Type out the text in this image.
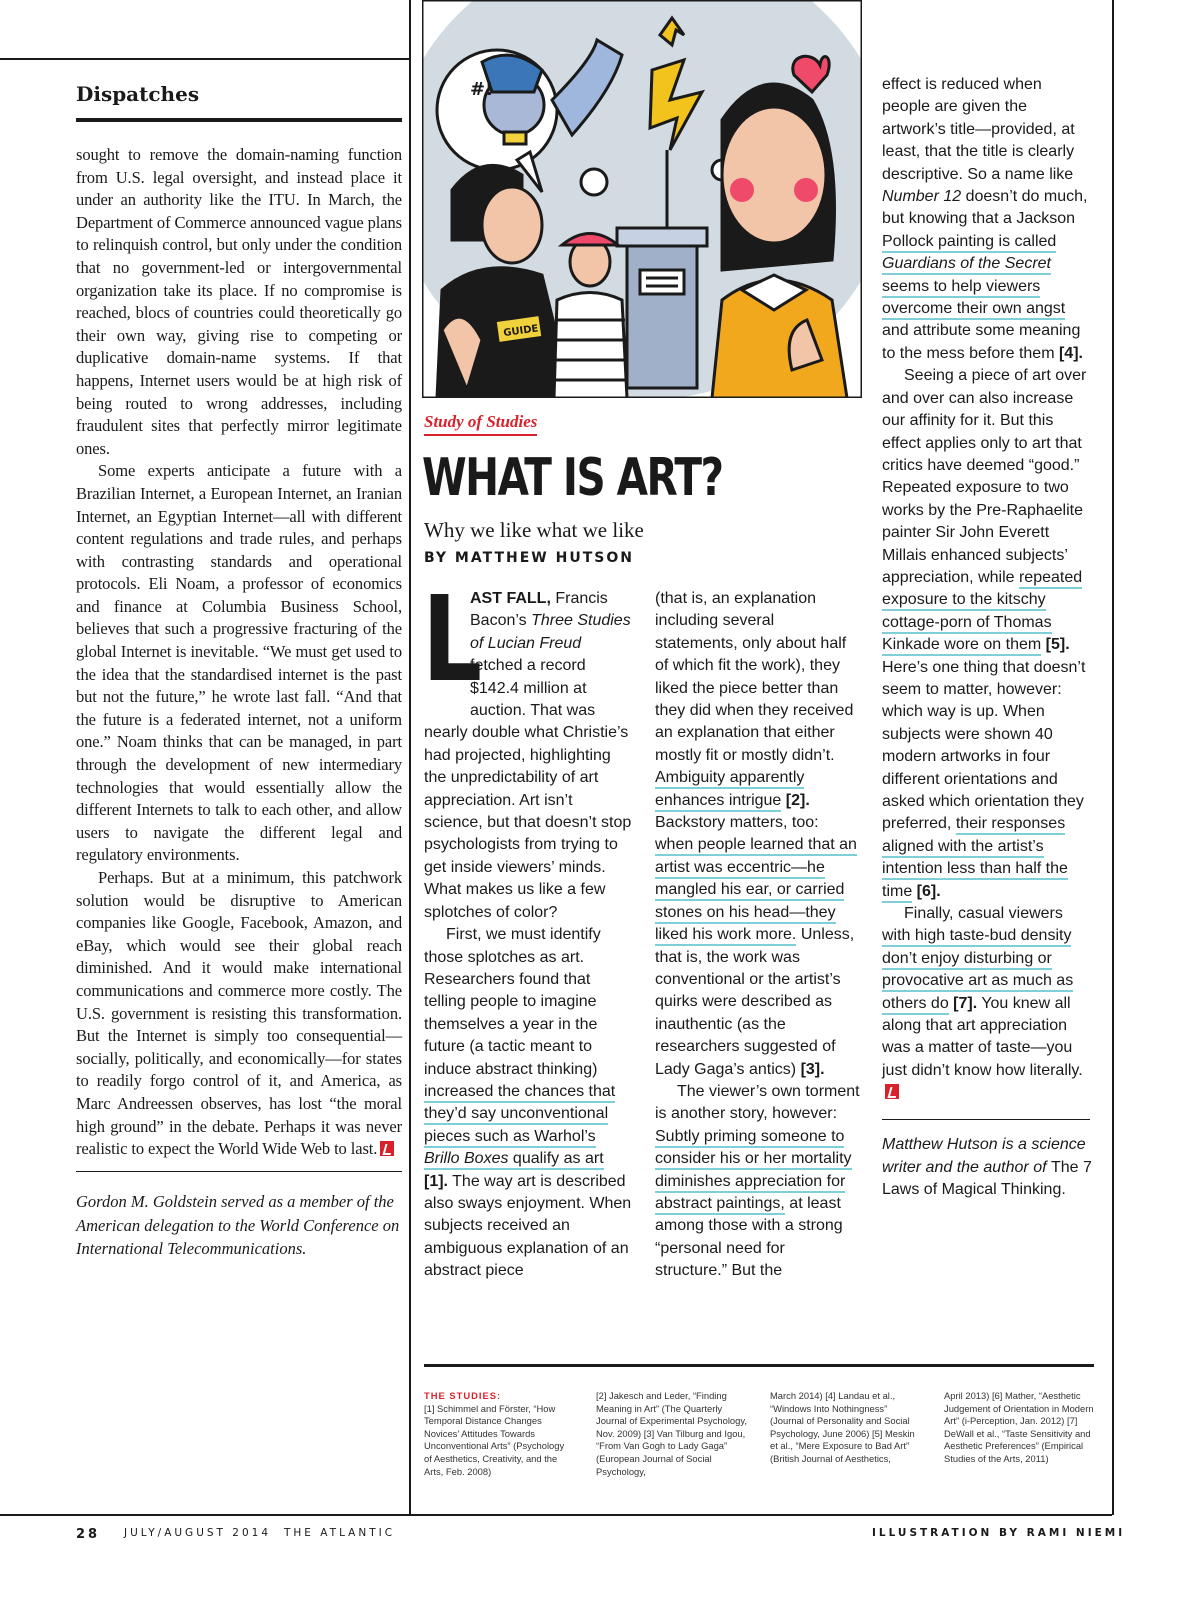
Dispatches

sought to remove the domain-naming function from U.S. legal oversight, and instead place it under an authority like the ITU. In March, the Department of Commerce announced vague plans to relinquish control, but only under the condition that no government-led or intergovernmental organization take its place. If no compromise is reached, blocs of countries could theoretically go their own way, giving rise to competing or duplicative domain-name systems. If that happens, Internet users would be at high risk of being routed to wrong addresses, including fraudulent sites that perfectly mirror legitimate ones.

Some experts anticipate a future with a Brazilian Internet, a European Internet, an Iranian Internet, an Egyptian Internet—all with different content regulations and trade rules, and perhaps with contrasting standards and operational protocols. Eli Noam, a professor of economics and finance at Columbia Business School, believes that such a progressive fracturing of the global Internet is inevitable. “We must get used to the idea that the standardised internet is the past but not the future,” he wrote last fall. “And that the future is a federated internet, not a uniform one.” Noam thinks that can be managed, in part through the development of new intermediary technologies that would essentially allow the different Internets to talk to each other, and allow users to navigate the different legal and regulatory environments.

Perhaps. But at a minimum, this patchwork solution would be disruptive to American companies like Google, Facebook, Amazon, and eBay, which would see their global reach diminished. And it would make international communications and commerce more costly. The U.S. government is resisting this transformation. But the Internet is simply too consequential—socially, politically, and economically—for states to readily forgo control of it, and America, as Marc Andreessen observes, has lost “the moral high ground” in the debate. Perhaps it was never realistic to expect the World Wide Web to last.

Gordon M. Goldstein served as a member of the American delegation to the World Conference on International Telecommunications.

#!
GUIDE
Study of Studies
WHAT IS ART?
Why we like what we like
BY MATTHEW HUTSON

L
AST FALL, Francis Bacon’s Three Studies of Lucian Freud fetched a record $142.4 million at auction. That was nearly double what Christie’s had projected, highlighting the unpredictability of art appreciation. Art isn’t science, but that doesn’t stop psychologists from trying to get inside viewers’ minds. What makes us like a few splotches of color?

First, we must identify those splotches as art. Researchers found that telling people to imagine themselves a year in the future (a tactic meant to induce abstract thinking) increased the chances that they’d say unconventional pieces such as Warhol’s Brillo Boxes qualify as art [1]. The way art is described also sways enjoyment. When subjects received an ambiguous explanation of an abstract piece

(that is, an explanation including several statements, only about half of which fit the work), they liked the piece better than they did when they received an explanation that either mostly fit or mostly didn’t. Ambiguity apparently enhances intrigue [2]. Backstory matters, too: when people learned that an artist was eccentric—he mangled his ear, or carried stones on his head—they liked his work more. Unless, that is, the work was conventional or the artist’s quirks were described as inauthentic (as the researchers suggested of Lady Gaga’s antics) [3].

The viewer’s own torment is another story, however: Subtly priming someone to consider his or her mortality diminishes appreciation for abstract paintings, at least among those with a strong “personal need for structure.” But the

effect is reduced when people are given the artwork’s title—provided, at least, that the title is clearly descriptive. So a name like Number 12 doesn’t do much, but knowing that a Jackson Pollock painting is called Guardians of the Secret seems to help viewers overcome their own angst and attribute some meaning to the mess before them [4].

Seeing a piece of art over and over can also increase our affinity for it. But this effect applies only to art that critics have deemed “good.” Repeated exposure to two works by the Pre-Raphaelite painter Sir John Everett Millais enhanced subjects’ appreciation, while repeated exposure to the kitschy cottage-porn of Thomas Kinkade wore on them [5]. Here’s one thing that doesn’t seem to matter, however: which way is up. When subjects were shown 40 modern artworks in four different orientations and asked which orientation they preferred, their responses aligned with the artist’s intention less than half the time [6].

Finally, casual viewers with high taste-bud density don’t enjoy disturbing or provocative art as much as others do [7]. You knew all along that art appreciation was a matter of taste—you just didn’t know how literally.

Matthew Hutson is a science writer and the author of The 7 Laws of Magical Thinking.

THE STUDIES:
[1] Schimmel and Förster, “How Temporal Distance Changes Novices’ Attitudes Towards Unconventional Arts” (Psychology of Aesthetics, Creativity, and the Arts, Feb. 2008)
[2] Jakesch and Leder, “Finding Meaning in Art” (The Quarterly Journal of Experimental Psychology, Nov. 2009) [3] Van Tilburg and Igou, “From Van Gogh to Lady Gaga” (European Journal of Social Psychology,
March 2014) [4] Landau et al., “Windows Into Nothingness” (Journal of Personality and Social Psychology, June 2006) [5] Meskin et al., “Mere Exposure to Bad Art” (British Journal of Aesthetics,
April 2013) [6] Mather, “Aesthetic Judgement of Orientation in Modern Art” (i-Perception, Jan. 2012) [7] DeWall et al., “Taste Sensitivity and Aesthetic Preferences” (Empirical Studies of the Arts, 2011)
28 JULY/AUGUST 2014 THE ATLANTIC	ILLUSTRATION BY RAMI NIEMI
